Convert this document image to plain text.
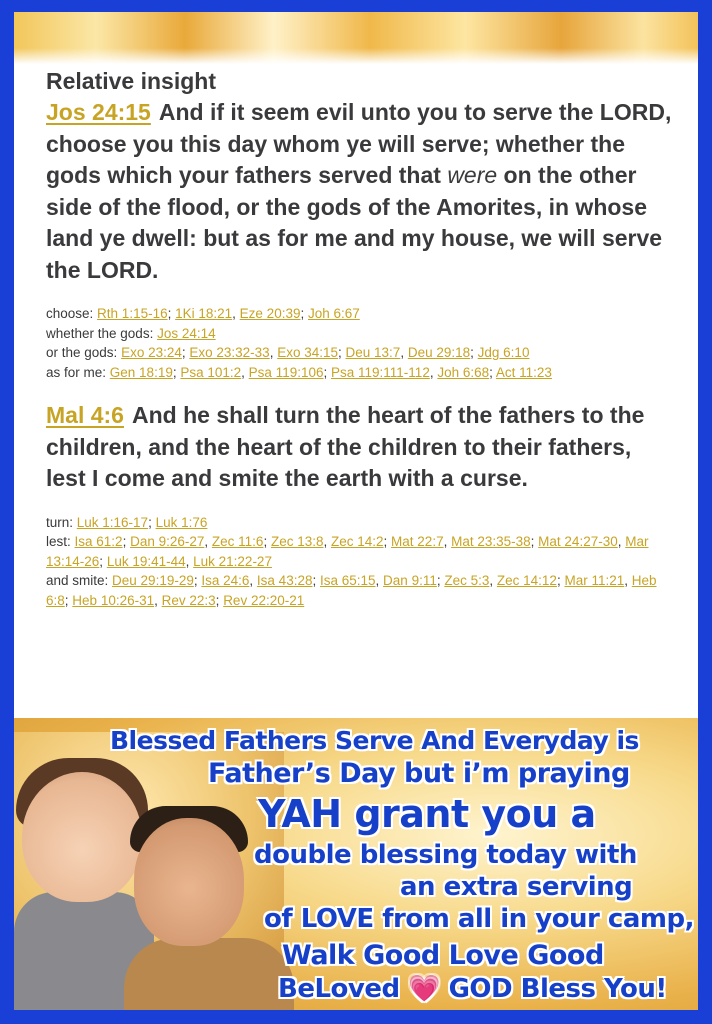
Relative insight

Jos 24:15 And if it seem evil unto you to serve the LORD, choose you this day whom ye will serve; whether the gods which your fathers served that were on the other side of the flood, or the gods of the Amorites, in whose land ye dwell: but as for me and my house, we will serve the LORD.

choose: Rth 1:15-16; 1Ki 18:21, Eze 20:39; Joh 6:67
whether the gods: Jos 24:14
or the gods: Exo 23:24; Exo 23:32-33, Exo 34:15; Deu 13:7, Deu 29:18; Jdg 6:10
as for me: Gen 18:19; Psa 101:2, Psa 119:106; Psa 119:111-112, Joh 6:68; Act 11:23

Mal 4:6 And he shall turn the heart of the fathers to the children, and the heart of the children to their fathers, lest I come and smite the earth with a curse.

turn: Luk 1:16-17; Luk 1:76
lest: Isa 61:2; Dan 9:26-27, Zec 11:6; Zec 13:8, Zec 14:2; Mat 22:7, Mat 23:35-38; Mat 24:27-30, Mar 13:14-26; Luk 19:41-44, Luk 21:22-27
and smite: Deu 29:19-29; Isa 24:6, Isa 43:28; Isa 65:15, Dan 9:11; Zec 5:3, Zec 14:12; Mar 11:21, Heb 6:8; Heb 10:26-31, Rev 22:3; Rev 22:20-21
Blessed Fathers Serve And Everyday is
Father’s Day but i’m praying
YAH grant you a
double blessing today with
an extra serving
of LOVE from all in your camp,
Walk Good Love Good
BeLoved 💗 GOD Bless You!
